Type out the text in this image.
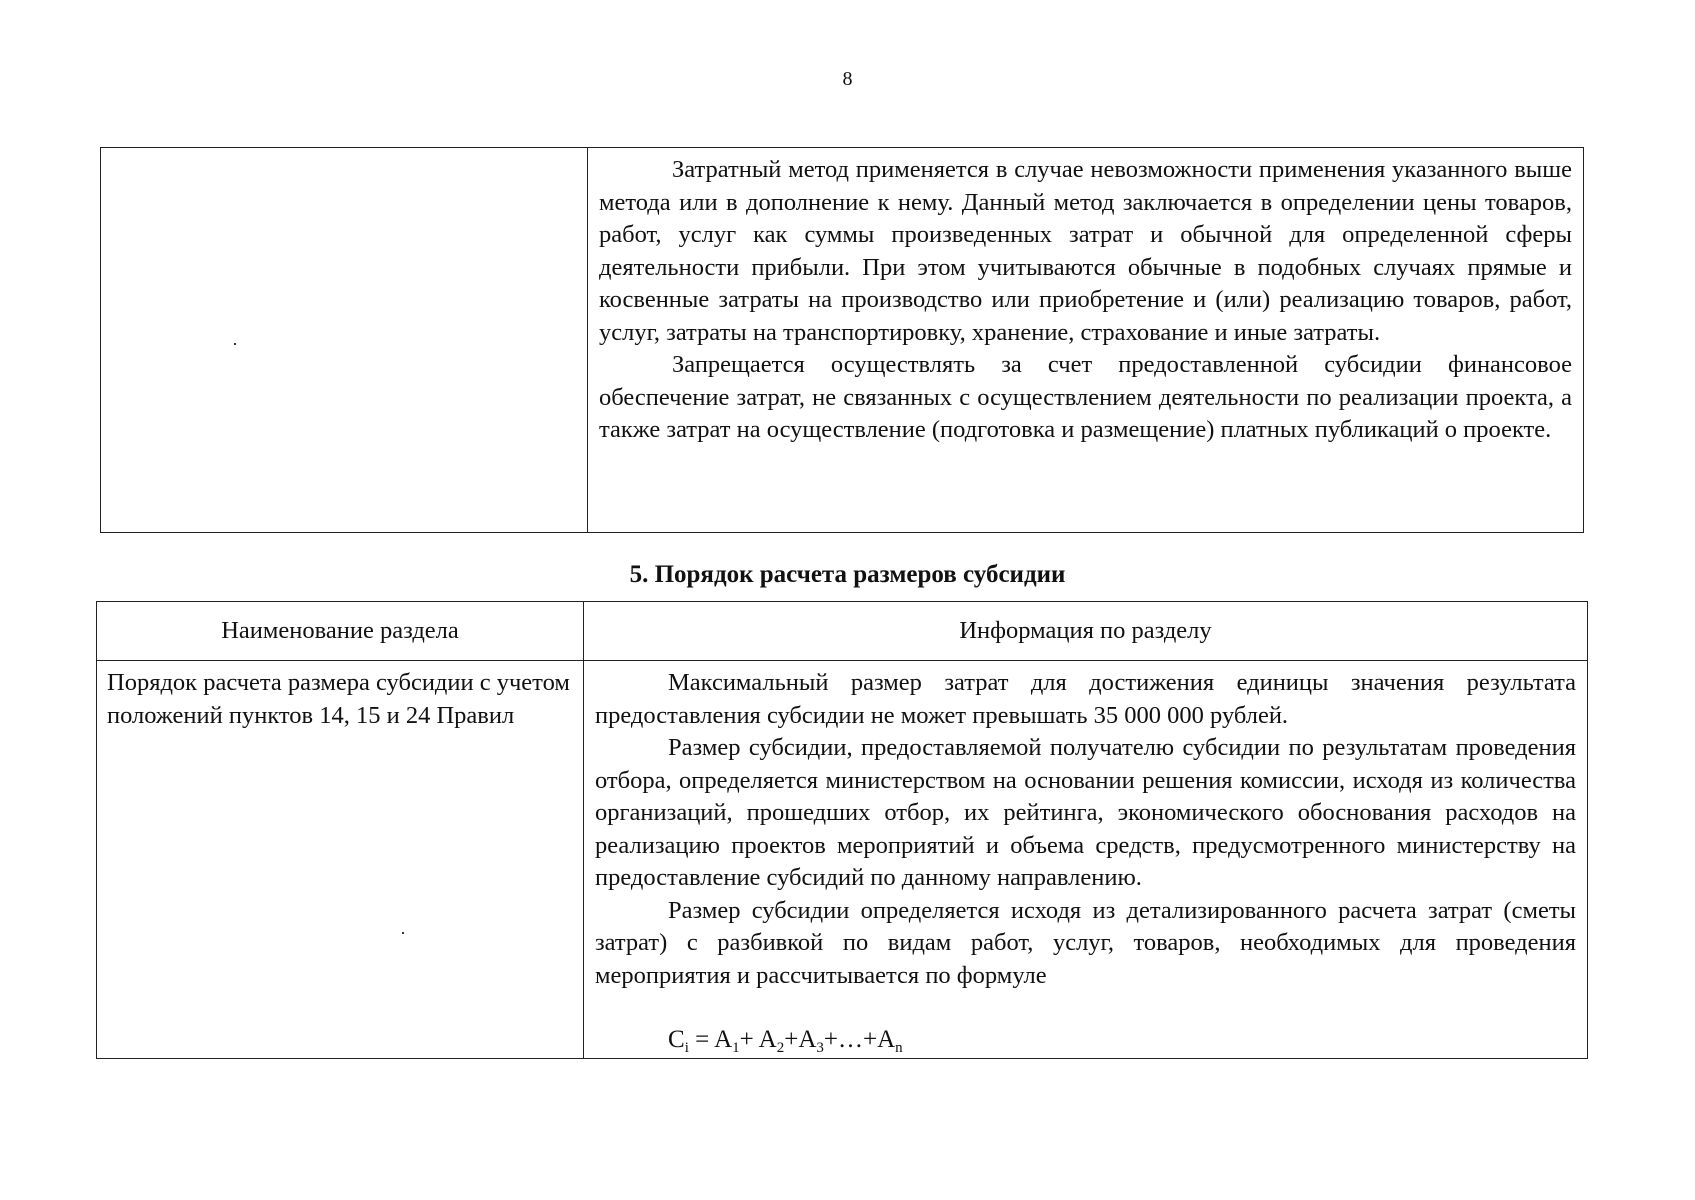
8

Затратный метод применяется в случае невозможности применения указанного выше метода или в дополнение к нему. Данный метод заключается в определении цены товаров, работ, услуг как суммы произведенных затрат и обычной для определенной сферы деятельности прибыли. При этом учитываются обычные в подобных случаях прямые и косвенные затраты на производство или приобретение и (или) реализацию товаров, работ, услуг, затраты на транспортировку, хранение, страхование и иные затраты.

Запрещается осуществлять за счет предоставленной субсидии финансовое обеспечение затрат, не связанных с осуществлением деятельности по реализации проекта, а также затрат на осуществление (подготовка и размещение) платных публикаций о проекте.

5. Порядок расчета размеров субсидии
Наименование раздела	Информация по разделу
Порядок расчета размера субсидии с учетом положений пунктов 14, 15 и 24 Правил	Максимальный размер затрат для достижения единицы значения результата предоставления субсидии не может превышать 35 000 000 рублей.

Размер субсидии, предоставляемой получателю субсидии по результатам проведения отбора, определяется министерством на основании решения комиссии, исходя из количества организаций, прошедших отбор, их рейтинга, экономического обоснования расходов на реализацию проектов мероприятий и объема средств, предусмотренного министерству на предоставление субсидий по данному направлению.

Размер субсидии определяется исходя из детализированного расчета затрат (сметы затрат) с разбивкой по видам работ, услуг, товаров, необходимых для проведения мероприятия и рассчитывается по формуле

$C_i = A_1+$ $A_2+A_3+\dots+A_n$
